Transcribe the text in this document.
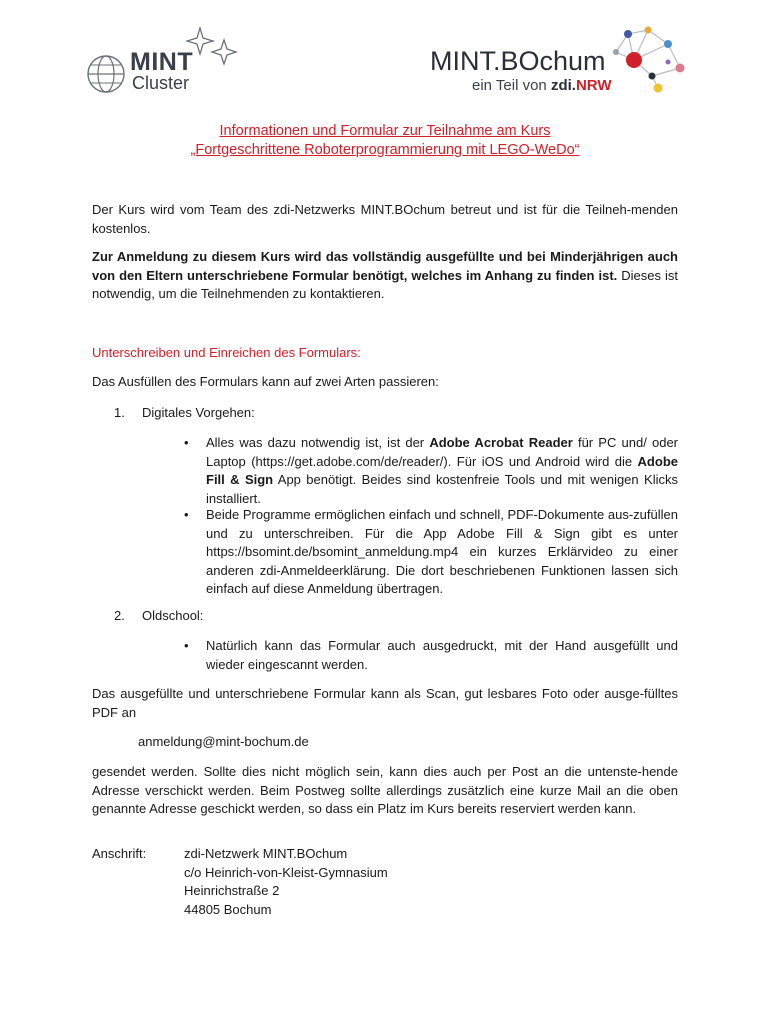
MINT
Cluster
MINT.BOchum
ein Teil von zdi.NRW
Informationen und Formular zur Teilnahme am Kurs
„Fortgeschrittene Roboterprogrammierung mit LEGO-WeDo“
Der Kurs wird vom Team des zdi-Netzwerks MINT.BOchum betreut und ist für die Teilneh-menden kostenlos.
Zur Anmeldung zu diesem Kurs wird das vollständig ausgefüllte und bei Minderjährigen auch von den Eltern unterschriebene Formular benötigt, welches im Anhang zu finden ist. Dieses ist notwendig, um die Teilnehmenden zu kontaktieren.
Unterschreiben und Einreichen des Formulars:
Das Ausfüllen des Formulars kann auf zwei Arten passieren:
1. Digitales Vorgehen:
• Alles was dazu notwendig ist, ist der Adobe Acrobat Reader für PC und/ oder Laptop (https://get.adobe.com/de/reader/). Für iOS und Android wird die Adobe Fill & Sign App benötigt. Beides sind kostenfreie Tools und mit wenigen Klicks installiert.
• Beide Programme ermöglichen einfach und schnell, PDF-Dokumente aus-zufüllen und zu unterschreiben. Für die App Adobe Fill & Sign gibt es unter https://bsomint.de/bsomint_anmeldung.mp4 ein kurzes Erklärvideo zu einer anderen zdi-Anmeldeerklärung. Die dort beschriebenen Funktionen lassen sich einfach auf diese Anmeldung übertragen.
2. Oldschool:
• Natürlich kann das Formular auch ausgedruckt, mit der Hand ausgefüllt und wieder eingescannt werden.
Das ausgefüllte und unterschriebene Formular kann als Scan, gut lesbares Foto oder ausge-fülltes PDF an
anmeldung@mint-bochum.de
gesendet werden. Sollte dies nicht möglich sein, kann dies auch per Post an die untenste-hende Adresse verschickt werden. Beim Postweg sollte allerdings zusätzlich eine kurze Mail an die oben genannte Adresse geschickt werden, so dass ein Platz im Kurs bereits reserviert werden kann.
Anschrift:	zdi-Netzwerk MINT.BOchum
c/o Heinrich-von-Kleist-Gymnasium
Heinrichstraße 2
44805 Bochum
